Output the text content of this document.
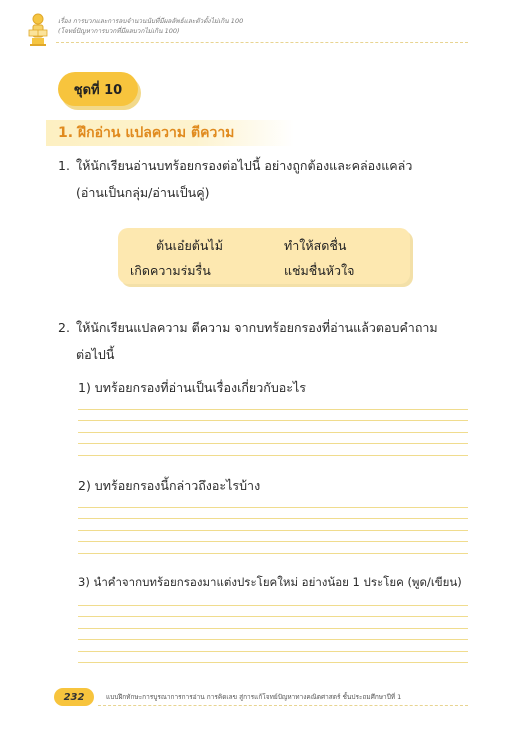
เรื่อง การบวกและการลบจำนวนนับที่มีผลลัพธ์และตัวตั้งไม่เกิน 100
(โจทย์ปัญหาการบวกที่มีผลบวกไม่เกิน 100)
ชุดที่ 10
1. ฝึกอ่าน แปลความ ตีความ
1. ให้นักเรียนอ่านบทร้อยกรองต่อไปนี้ อย่างถูกต้องและคล่องแคล่ว
(อ่านเป็นกลุ่ม/อ่านเป็นคู่)
ต้นเอ๋ยต้นไม้	ทำให้สดชื่น
เกิดความร่มรื่น	แช่มชื่นหัวใจ
2. ให้นักเรียนแปลความ ตีความ จากบทร้อยกรองที่อ่านแล้วตอบคำถาม
ต่อไปนี้
1) บทร้อยกรองที่อ่านเป็นเรื่องเกี่ยวกับอะไร
2) บทร้อยกรองนี้กล่าวถึงอะไรบ้าง
3) นำคำจากบทร้อยกรองมาแต่งประโยคใหม่ อย่างน้อย 1 ประโยค (พูด/เขียน)
232	แบบฝึกทักษะการบูรณาการการอ่าน การคิดเลข สู่การแก้โจทย์ปัญหาทางคณิตศาสตร์ ชั้นประถมศึกษาปีที่ 1
